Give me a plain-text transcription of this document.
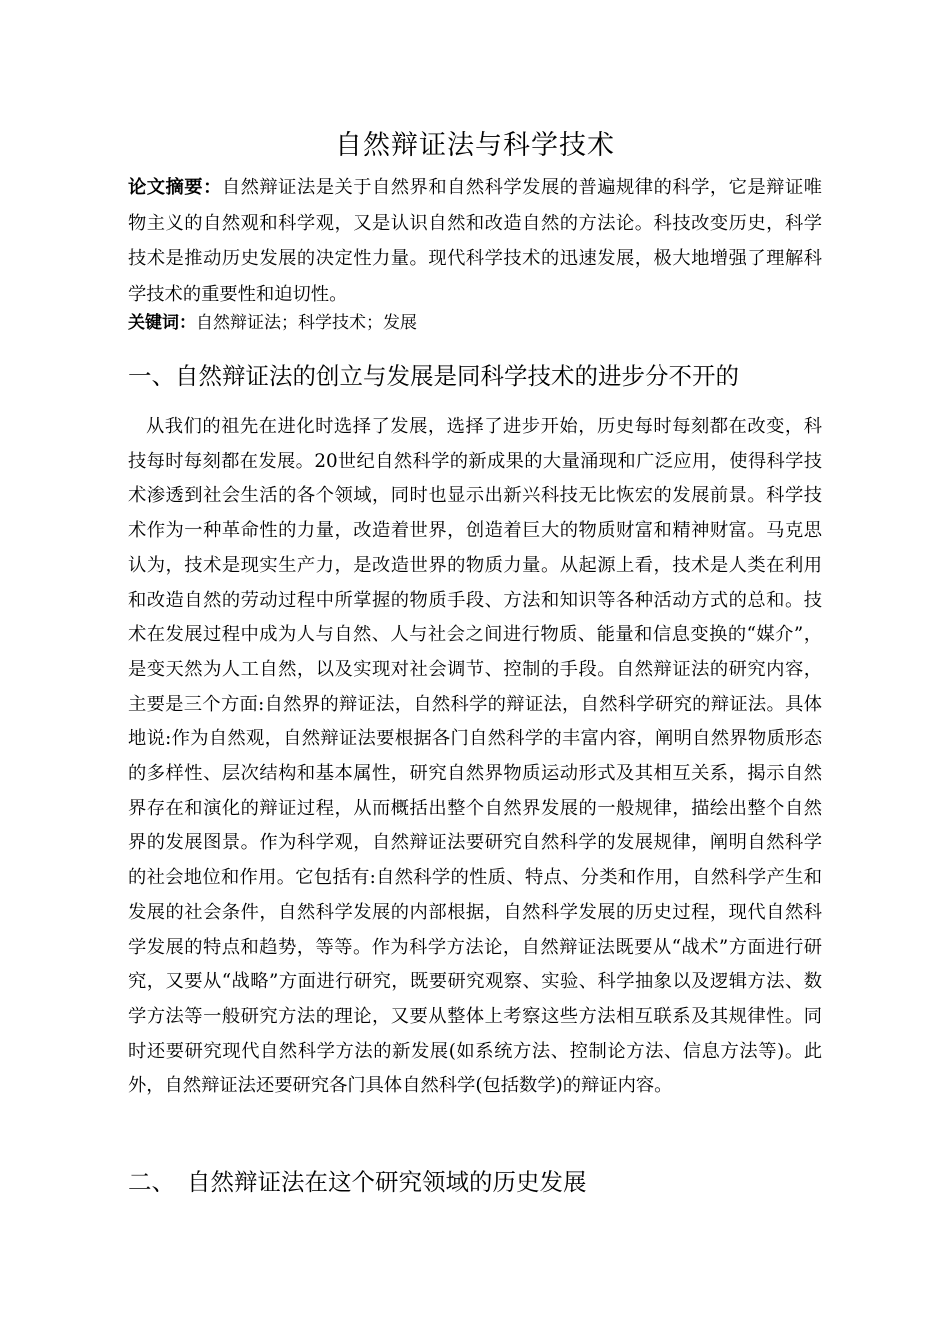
自然辩证法与科学技术
论文摘要：自然辩证法是关于自然界和自然科学发展的普遍规律的科学，它是辩证唯物主义的自然观和科学观，又是认识自然和改造自然的方法论。科技改变历史，科学技术是推动历史发展的决定性力量。现代科学技术的迅速发展，极大地增强了理解科学技术的重要性和迫切性。
关键词：自然辩证法；科学技术；发展
一、自然辩证法的创立与发展是同科学技术的进步分不开的
从我们的祖先在进化时选择了发展，选择了进步开始，历史每时每刻都在改变，科技每时每刻都在发展。20世纪自然科学的新成果的大量涌现和广泛应用，使得科学技术渗透到社会生活的各个领域，同时也显示出新兴科技无比恢宏的发展前景。科学技术作为一种革命性的力量，改造着世界，创造着巨大的物质财富和精神财富。马克思认为，技术是现实生产力，是改造世界的物质力量。从起源上看，技术是人类在利用和改造自然的劳动过程中所掌握的物质手段、方法和知识等各种活动方式的总和。技术在发展过程中成为人与自然、人与社会之间进行物质、能量和信息变换的“媒介”，是变天然为人工自然，以及实现对社会调节、控制的手段。自然辩证法的研究内容，主要是三个方面:自然界的辩证法，自然科学的辩证法，自然科学研究的辩证法。具体地说:作为自然观，自然辩证法要根据各门自然科学的丰富内容，阐明自然界物质形态的多样性、层次结构和基本属性，研究自然界物质运动形式及其相互关系，揭示自然界存在和演化的辩证过程，从而概括出整个自然界发展的一般规律，描绘出整个自然界的发展图景。作为科学观，自然辩证法要研究自然科学的发展规律，阐明自然科学的社会地位和作用。它包括有:自然科学的性质、特点、分类和作用，自然科学产生和发展的社会条件，自然科学发展的内部根据，自然科学发展的历史过程，现代自然科学发展的特点和趋势，等等。作为科学方法论，自然辩证法既要从“战术”方面进行研究，又要从“战略”方面进行研究，既要研究观察、实验、科学抽象以及逻辑方法、数学方法等一般研究方法的理论，又要从整体上考察这些方法相互联系及其规律性。同时还要研究现代自然科学方法的新发展(如系统方法、控制论方法、信息方法等)。此外，自然辩证法还要研究各门具体自然科学(包括数学)的辩证内容。
二、 自然辩证法在这个研究领域的历史发展
